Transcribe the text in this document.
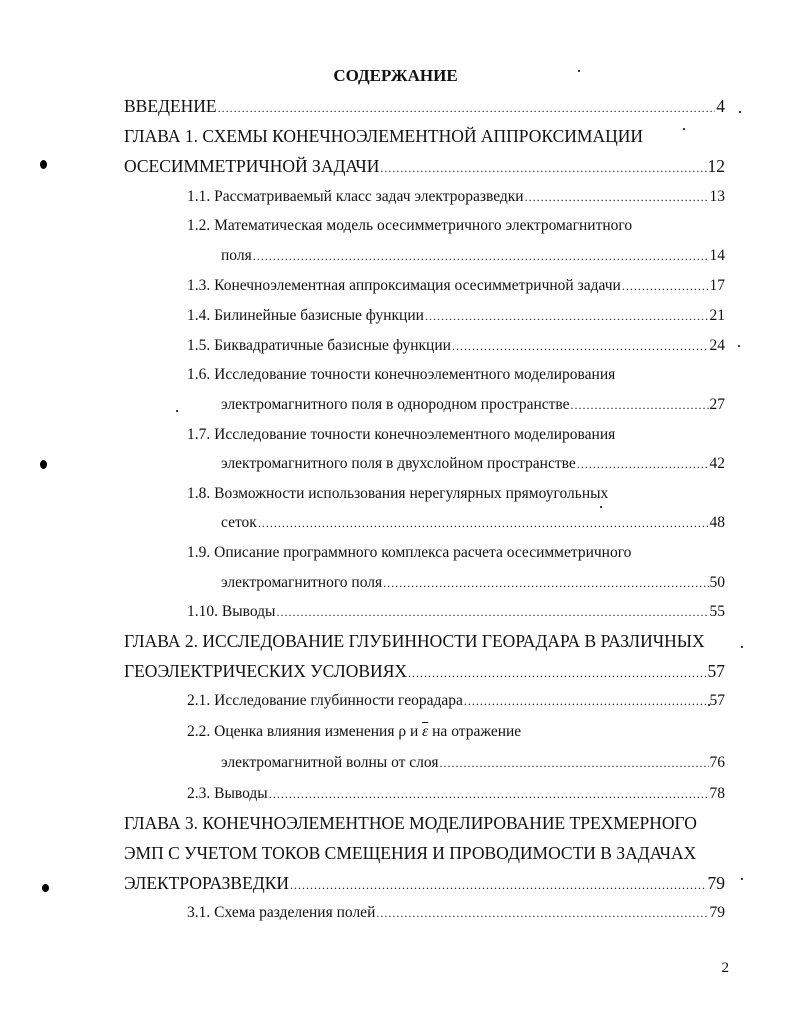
СОДЕРЖАНИЕ
ВВЕДЕНИЕ .....	4
ГЛАВА 1. СХЕМЫ КОНЕЧНОЭЛЕМЕНТНОЙ АППРОКСИМАЦИИ
ОСЕСИММЕТРИЧНОЙ ЗАДАЧИ .....	12
1.1. Рассматриваемый класс задач электроразведки .....	13
1.2. Математическая модель осесимметричного электромагнитного
поля .....	14
1.3. Конечноэлементная аппроксимация осесимметричной задачи .....	17
1.4. Билинейные базисные функции .....	21
1.5. Биквадратичные базисные функции .....	24
1.6. Исследование точности конечноэлементного моделирования
электромагнитного поля в однородном пространстве .....	27
1.7. Исследование точности конечноэлементного моделирования
электромагнитного поля в двухслойном пространстве .....	42
1.8. Возможности использования нерегулярных прямоугольных
сеток .....	48
1.9. Описание программного комплекса расчета осесимметричного
электромагнитного поля .....	50
1.10. Выводы .....	55
ГЛАВА 2. ИССЛЕДОВАНИЕ ГЛУБИННОСТИ ГЕОРАДАРА В РАЗЛИЧНЫХ
ГЕОЭЛЕКТРИЧЕСКИХ УСЛОВИЯХ .....	57
2.1. Исследование глубинности георадара .....	57
2.2. Оценка влияния изменения ρ и $\overline{\varepsilon}$ на отражение
электромагнитной волны от слоя .....	76
2.3. Выводы .....	78
ГЛАВА 3. КОНЕЧНОЭЛЕМЕНТНОЕ МОДЕЛИРОВАНИЕ ТРЕХМЕРНОГО
ЭМП С УЧЕТОМ ТОКОВ СМЕЩЕНИЯ И ПРОВОДИМОСТИ В ЗАДАЧАХ
ЭЛЕКТРОРАЗВЕДКИ .....	79
3.1. Схема разделения полей .....	79
2
